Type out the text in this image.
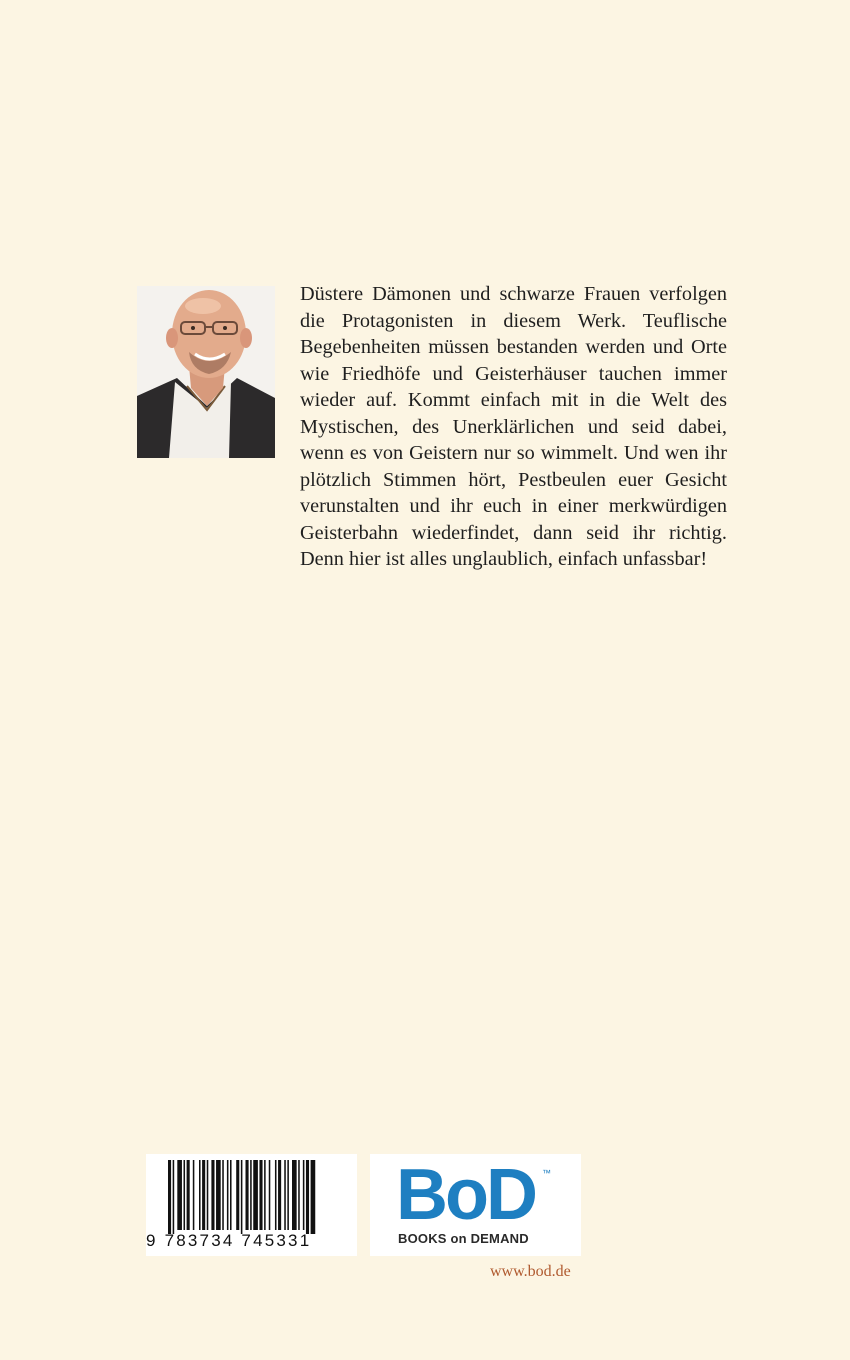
Düstere Dämonen und schwarze Frauen verfolgen die Protagonisten in diesem Werk. Teuflische Begebenheiten müssen bestanden werden und Orte wie Friedhöfe und Geisterhäuser tauchen immer wieder auf. Kommt einfach mit in die Welt des Mystischen, des Unerklärlichen und seid dabei, wenn es von Geistern nur so wimmelt. Und wen ihr plötzlich Stimmen hört, Pestbeulen euer Gesicht verunstalten und ihr euch in einer merkwürdigen Geisterbahn wiederfindet, dann seid ihr richtig. Denn hier ist alles unglaublich, einfach unfassbar!

9 783734 745331
BoD ™
BOOKS on DEMAND
www.bod.de
